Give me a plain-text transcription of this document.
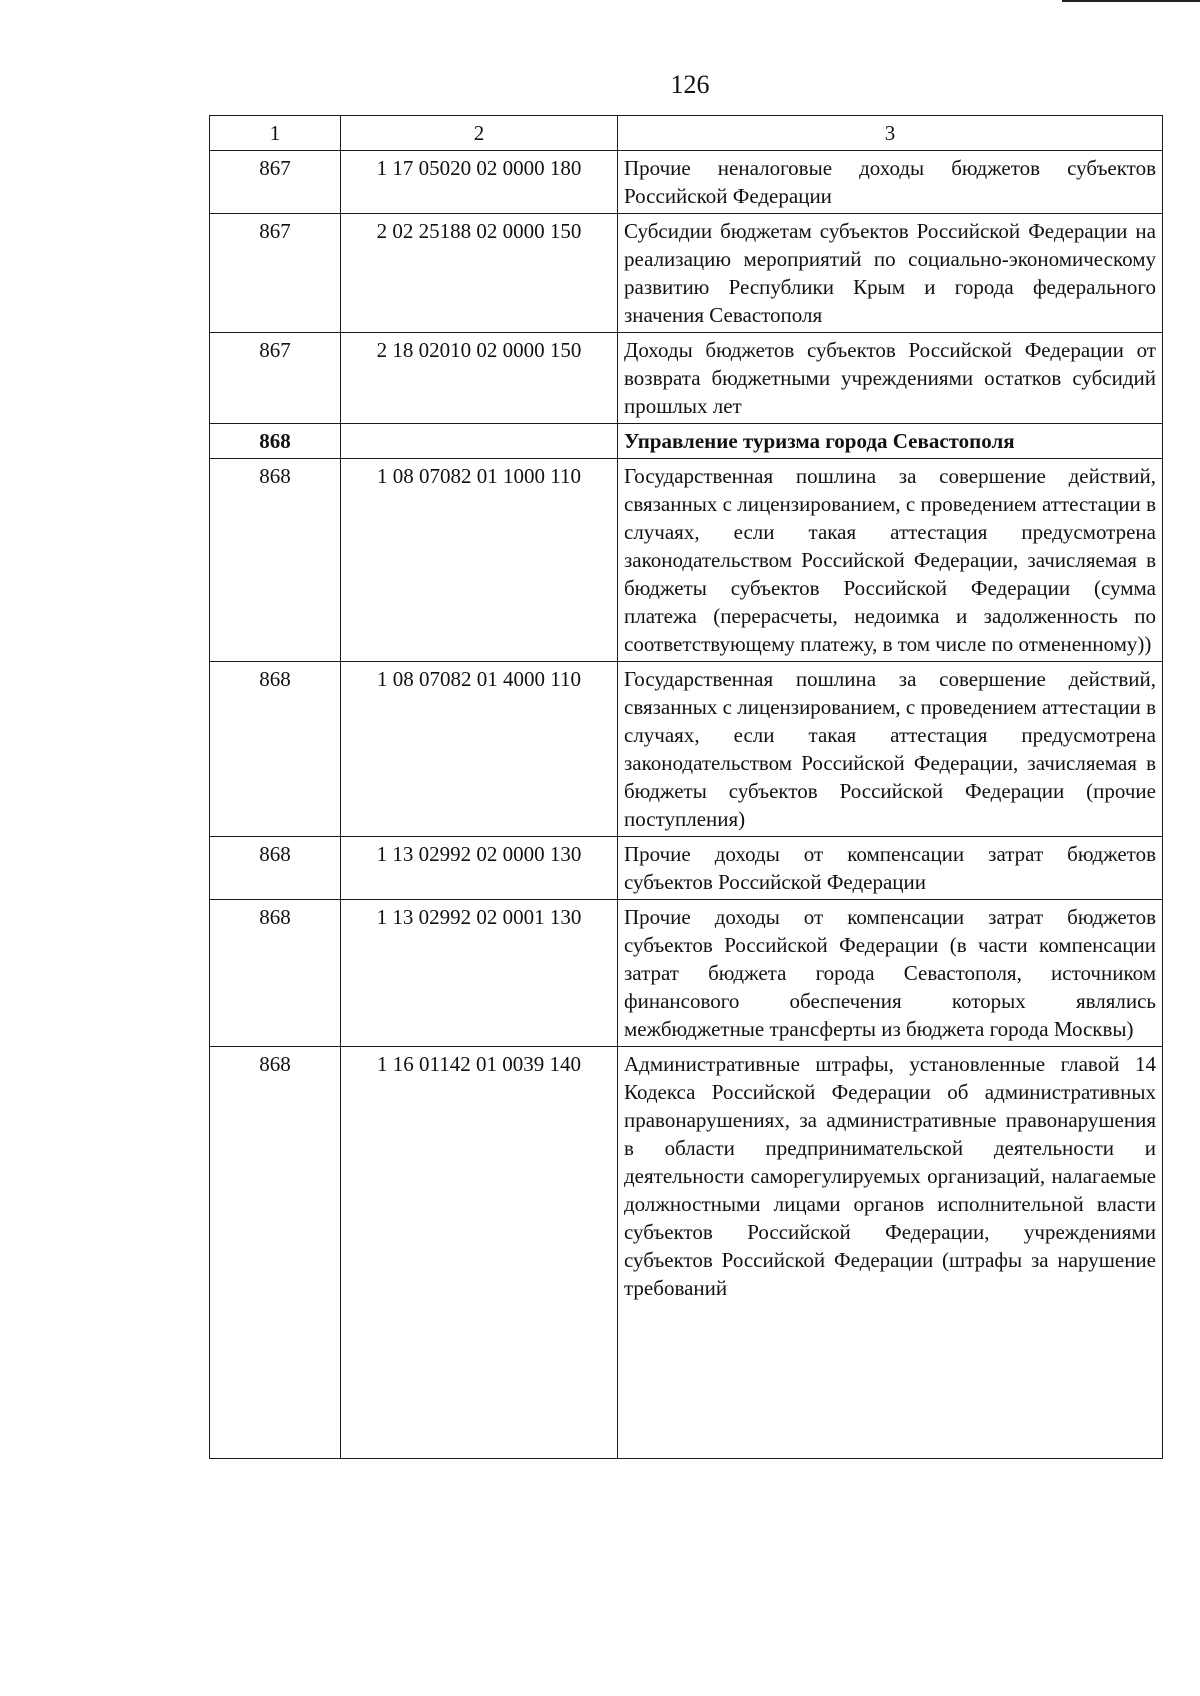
126
1	2	3
867	1 17 05020 02 0000 180	Прочие неналоговые доходы бюджетов субъектов Российской Федерации
867	2 02 25188 02 0000 150	Субсидии бюджетам субъектов Российской Федерации на реализацию мероприятий по социально-экономическому развитию Республики Крым и города федерального значения Севастополя
867	2 18 02010 02 0000 150	Доходы бюджетов субъектов Российской Федерации от возврата бюджетными учреждениями остатков субсидий прошлых лет
868		Управление туризма города Севастополя
868	1 08 07082 01 1000 110	Государственная пошлина за совершение действий, связанных с лицензированием, с проведением аттестации в случаях, если такая аттестация предусмотрена законодательством Российской Федерации, зачисляемая в бюджеты субъектов Российской Федерации (сумма платежа (перерасчеты, недоимка и задолженность по соответствующему платежу, в том числе по отмененному))
868	1 08 07082 01 4000 110	Государственная пошлина за совершение действий, связанных с лицензированием, с проведением аттестации в случаях, если такая аттестация предусмотрена законодательством Российской Федерации, зачисляемая в бюджеты субъектов Российской Федерации (прочие поступления)
868	1 13 02992 02 0000 130	Прочие доходы от компенсации затрат бюджетов субъектов Российской Федерации
868	1 13 02992 02 0001 130	Прочие доходы от компенсации затрат бюджетов субъектов Российской Федерации (в части компенсации затрат бюджета города Севастополя, источником финансового обеспечения которых являлись межбюджетные трансферты из бюджета города Москвы)
868	1 16 01142 01 0039 140	Административные штрафы, установленные главой 14 Кодекса Российской Федерации об административных правонарушениях, за административные правонарушения в области предпринимательской деятельности и деятельности саморегулируемых организаций, налагаемые должностными лицами органов исполнительной власти субъектов Российской Федерации, учреждениями субъектов Российской Федерации (штрафы за нарушение требований
